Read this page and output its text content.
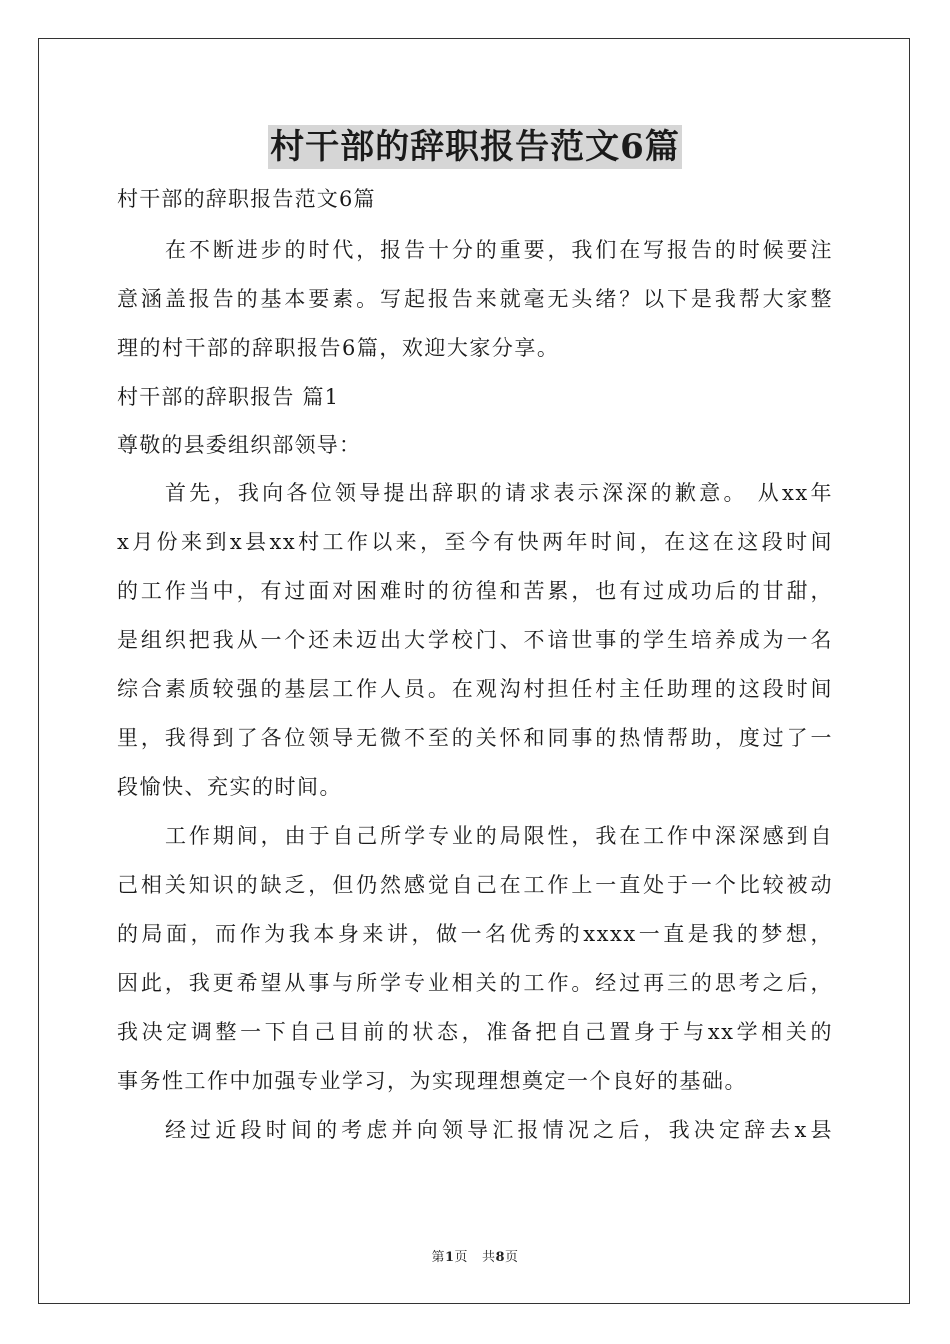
村干部的辞职报告范文6篇
村干部的辞职报告范文6篇
在不断进步的时代，报告十分的重要，我们在写报告的时候要注
意涵盖报告的基本要素。写起报告来就毫无头绪？以下是我帮大家整
理的村干部的辞职报告6篇，欢迎大家分享。
村干部的辞职报告 篇1
尊敬的县委组织部领导：
首先，我向各位领导提出辞职的请求表示深深的歉意。 从xx年
x月份来到x县xx村工作以来，至今有快两年时间，在这在这段时间
的工作当中，有过面对困难时的彷徨和苦累，也有过成功后的甘甜，
是组织把我从一个还未迈出大学校门、不谙世事的学生培养成为一名
综合素质较强的基层工作人员。在观沟村担任村主任助理的这段时间
里，我得到了各位领导无微不至的关怀和同事的热情帮助，度过了一
段愉快、充实的时间。
工作期间，由于自己所学专业的局限性，我在工作中深深感到自
己相关知识的缺乏，但仍然感觉自己在工作上一直处于一个比较被动
的局面，而作为我本身来讲，做一名优秀的xxxx一直是我的梦想，
因此，我更希望从事与所学专业相关的工作。经过再三的思考之后，
我决定调整一下自己目前的状态，准备把自己置身于与xx学相关的
事务性工作中加强专业学习，为实现理想奠定一个良好的基础。
经过近段时间的考虑并向领导汇报情况之后，我决定辞去x县
第1页   共8页
